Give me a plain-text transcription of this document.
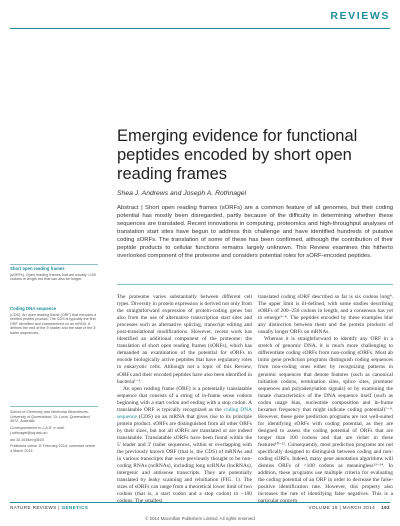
REVIEWS
Emerging evidence for functional peptides encoded by short open reading frames
Shea J. Andrews and Joseph A. Rothnagel

Abstract | Short open reading frames (sORFs) are a common feature of all genomes, but their coding potential has mostly been disregarded, partly because of the difficulty in determining whether these sequences are translated. Recent innovations in computing, proteomics and high-throughput analyses of translation start sites have begun to address this challenge and have identified hundreds of putative coding sORFs. The translation of some of these has been confirmed, although the contribution of their peptide products to cellular functions remains largely unknown. This Review examines this hitherto overlooked component of the proteome and considers potential roles for sORF-encoded peptides.

Short open reading frames
(sORFs). Open reading frames that are usually <100 codons in length but that can also be longer.
Coding DNA sequence
(CDS). An open reading frame (ORF) that encodes a verified protein product. The CDS is typically the first ORF identified and characterized on an mRNA. It defines the end of the 5′ leader and the start of the 3′ trailer sequences.
School of Chemistry and Molecular Biosciences, University of Queensland, St. Lucia, Queensland, 4072, Australia.
Correspondence to J.A.R. e-mail: j.rothnagel@uq.edu.au
doi:10.1038/nrg3520
Published online 11 February 2014; corrected online 4 March 2014

The proteome varies substantially between different cell types. Diversity in protein expression is derived not only from the straightforward expression of protein-coding genes but also from the use of alternative transcription start sites and processes such as alternative splicing, transcript editing and post-translational modifications. However, recent work has identified an additional component of the proteome: the translation of short open reading frames (sORFs), which has demanded an examination of the potential for sORFs to encode biologically active peptides that have regulatory roles in eukaryotic cells. Although not a topic of this Review, sORFs and their encoded peptides have also been identified in bacteria¹⁻³.

An open reading frame (ORF) is a potentially translatable sequence that consists of a string of in-frame sense codons beginning with a start codon and ending with a stop codon. A translatable ORF is typically recognized as the coding DNA sequence (CDS) on an mRNA that gives rise to its principle protein product. sORFs are distinguished from all other ORFs by their sizes, but not all sORFs are translated or are indeed translatable. Translatable sORFs have been found within the 5′ leader and 3′ trailer sequences, within or overlapping with the previously known ORF (that is, the CDS) of mRNAs and in various transcripts that were previously thought to be non-coding RNAs (ncRNAs), including long ncRNAs (lncRNAs), intergenic and antisense transcripts. They are potentially translated by leaky scanning and reinitiation (FIG. 1). The sizes of sORFs can range from a theoretical lower limit of two codons (that is, a start codon and a stop codon) to ~100

translated coding sORF described so far is six codons long⁴. The upper limit is ill-defined, with some studies describing sORFs of 200–250 codons in length, and a consensus has yet to emerge⁵⁻⁸. The peptides encoded by these examples blur any distinction between them and the protein products of usually longer ORFs on mRNAs.

Whereas it is straightforward to identify any ORF in a stretch of genomic DNA, it is much more challenging to differentiate coding sORFs from non-coding sORFs. Most ab initio gene prediction programs distinguish coding sequences from non-coding ones either by recognizing patterns in genomic sequences that denote features (such as canonical initiation codons, termination sites, splice sites, promoter sequences and polyadenylation signals) or by examining the innate characteristics of the DNA sequence itself (such as codon usage bias, nucleotide composition and in-frame hexamer frequency that might indicate coding potential)⁷⁻⁹. However, these gene prediction programs are not well-suited for identifying sORFs with coding potential, as they are designed to assess the coding potential of ORFs that are longer than 100 codons and that are richer in these features¹⁰⁻¹². Consequently, most prediction programs are not specifically designed to distinguish between coding and non-coding sORFs. Indeed, many gene annotation algorithms will dismiss ORFs of <100 codons as meaningless¹³⁻¹⁴. In addition, these programs use multiple criteria for evaluating the coding potential of an ORF in order to decrease the false-positive identification rate. However, this property also increases the rate of identifying false negatives. This is a

NATURE REVIEWS | GENETICS	VOLUME 15 | MARCH 2014 193
© 2014 Macmillan Publishers Limited. All rights reserved
